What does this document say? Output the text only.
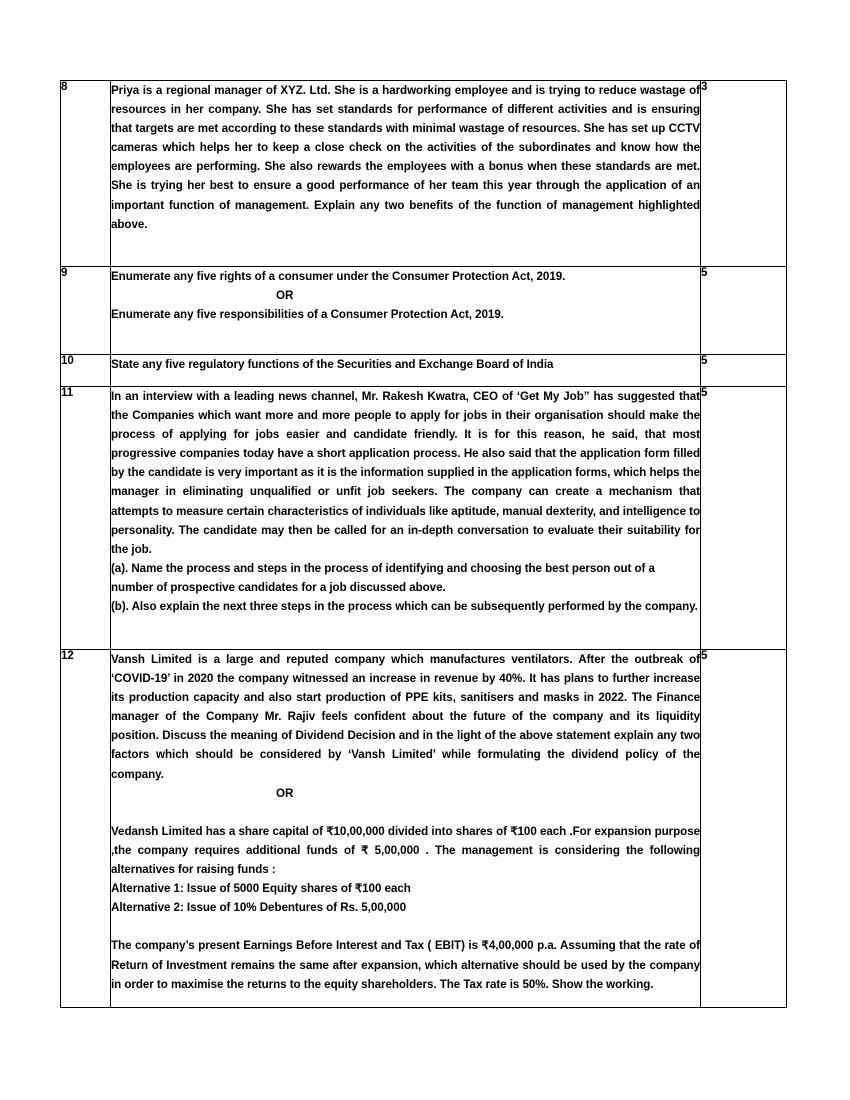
8	Priya is a regional manager of XYZ. Ltd. She is a hardworking employee and is trying to reduce wastage of resources in her company. She has set standards for performance of different activities and is ensuring that targets are met according to these standards with minimal wastage of resources. She has set up CCTV cameras which helps her to keep a close check on the activities of the subordinates and know how the employees are performing. She also rewards the employees with a bonus when these standards are met. She is trying her best to ensure a good performance of her team this year through the application of an important function of management. Explain any two benefits of the function of management highlighted above.	3
9	Enumerate any five rights of a consumer under the Consumer Protection Act, 2019.

OR

Enumerate any five responsibilities of a Consumer Protection Act, 2019.	5
10	State any five regulatory functions of the Securities and Exchange Board of India	5
11	In an interview with a leading news channel, Mr. Rakesh Kwatra, CEO of ‘Get My Job” has suggested that the Companies which want more and more people to apply for jobs in their organisation should make the process of applying for jobs easier and candidate friendly. It is for this reason, he said, that most progressive companies today have a short application process. He also said that the application form filled by the candidate is very important as it is the information supplied in the application forms, which helps the manager in eliminating unqualified or unfit job seekers. The company can create a mechanism that attempts to measure certain characteristics of individuals like aptitude, manual dexterity, and intelligence to personality. The candidate may then be called for an in-depth conversation to evaluate their suitability for the job.

(a). Name the process and steps in the process of identifying and choosing the best person out of a number of prospective candidates for a job discussed above.

(b). Also explain the next three steps in the process which can be subsequently performed by the company.	5
12	Vansh Limited is a large and reputed company which manufactures ventilators. After the outbreak of ‘COVID-19’ in 2020 the company witnessed an increase in revenue by 40%. It has plans to further increase its production capacity and also start production of PPE kits, sanitisers and masks in 2022. The Finance manager of the Company Mr. Rajiv feels confident about the future of the company and its liquidity position. Discuss the meaning of Dividend Decision and in the light of the above statement explain any two factors which should be considered by ‘Vansh Limited’ while formulating the dividend policy of the company.

OR

Vedansh Limited has a share capital of ₹10,00,000 divided into shares of ₹100 each .For expansion purpose ,the company requires additional funds of ₹ 5,00,000 . The management is considering the following alternatives for raising funds :

Alternative 1: Issue of 5000 Equity shares of ₹100 each

Alternative 2: Issue of 10% Debentures of Rs. 5,00,000

The company’s present Earnings Before Interest and Tax ( EBIT) is ₹4,00,000 p.a. Assuming that the rate of Return of Investment remains the same after expansion, which alternative should be used by the company in order to maximise the returns to the equity shareholders. The Tax rate is 50%. Show the working.

	5
